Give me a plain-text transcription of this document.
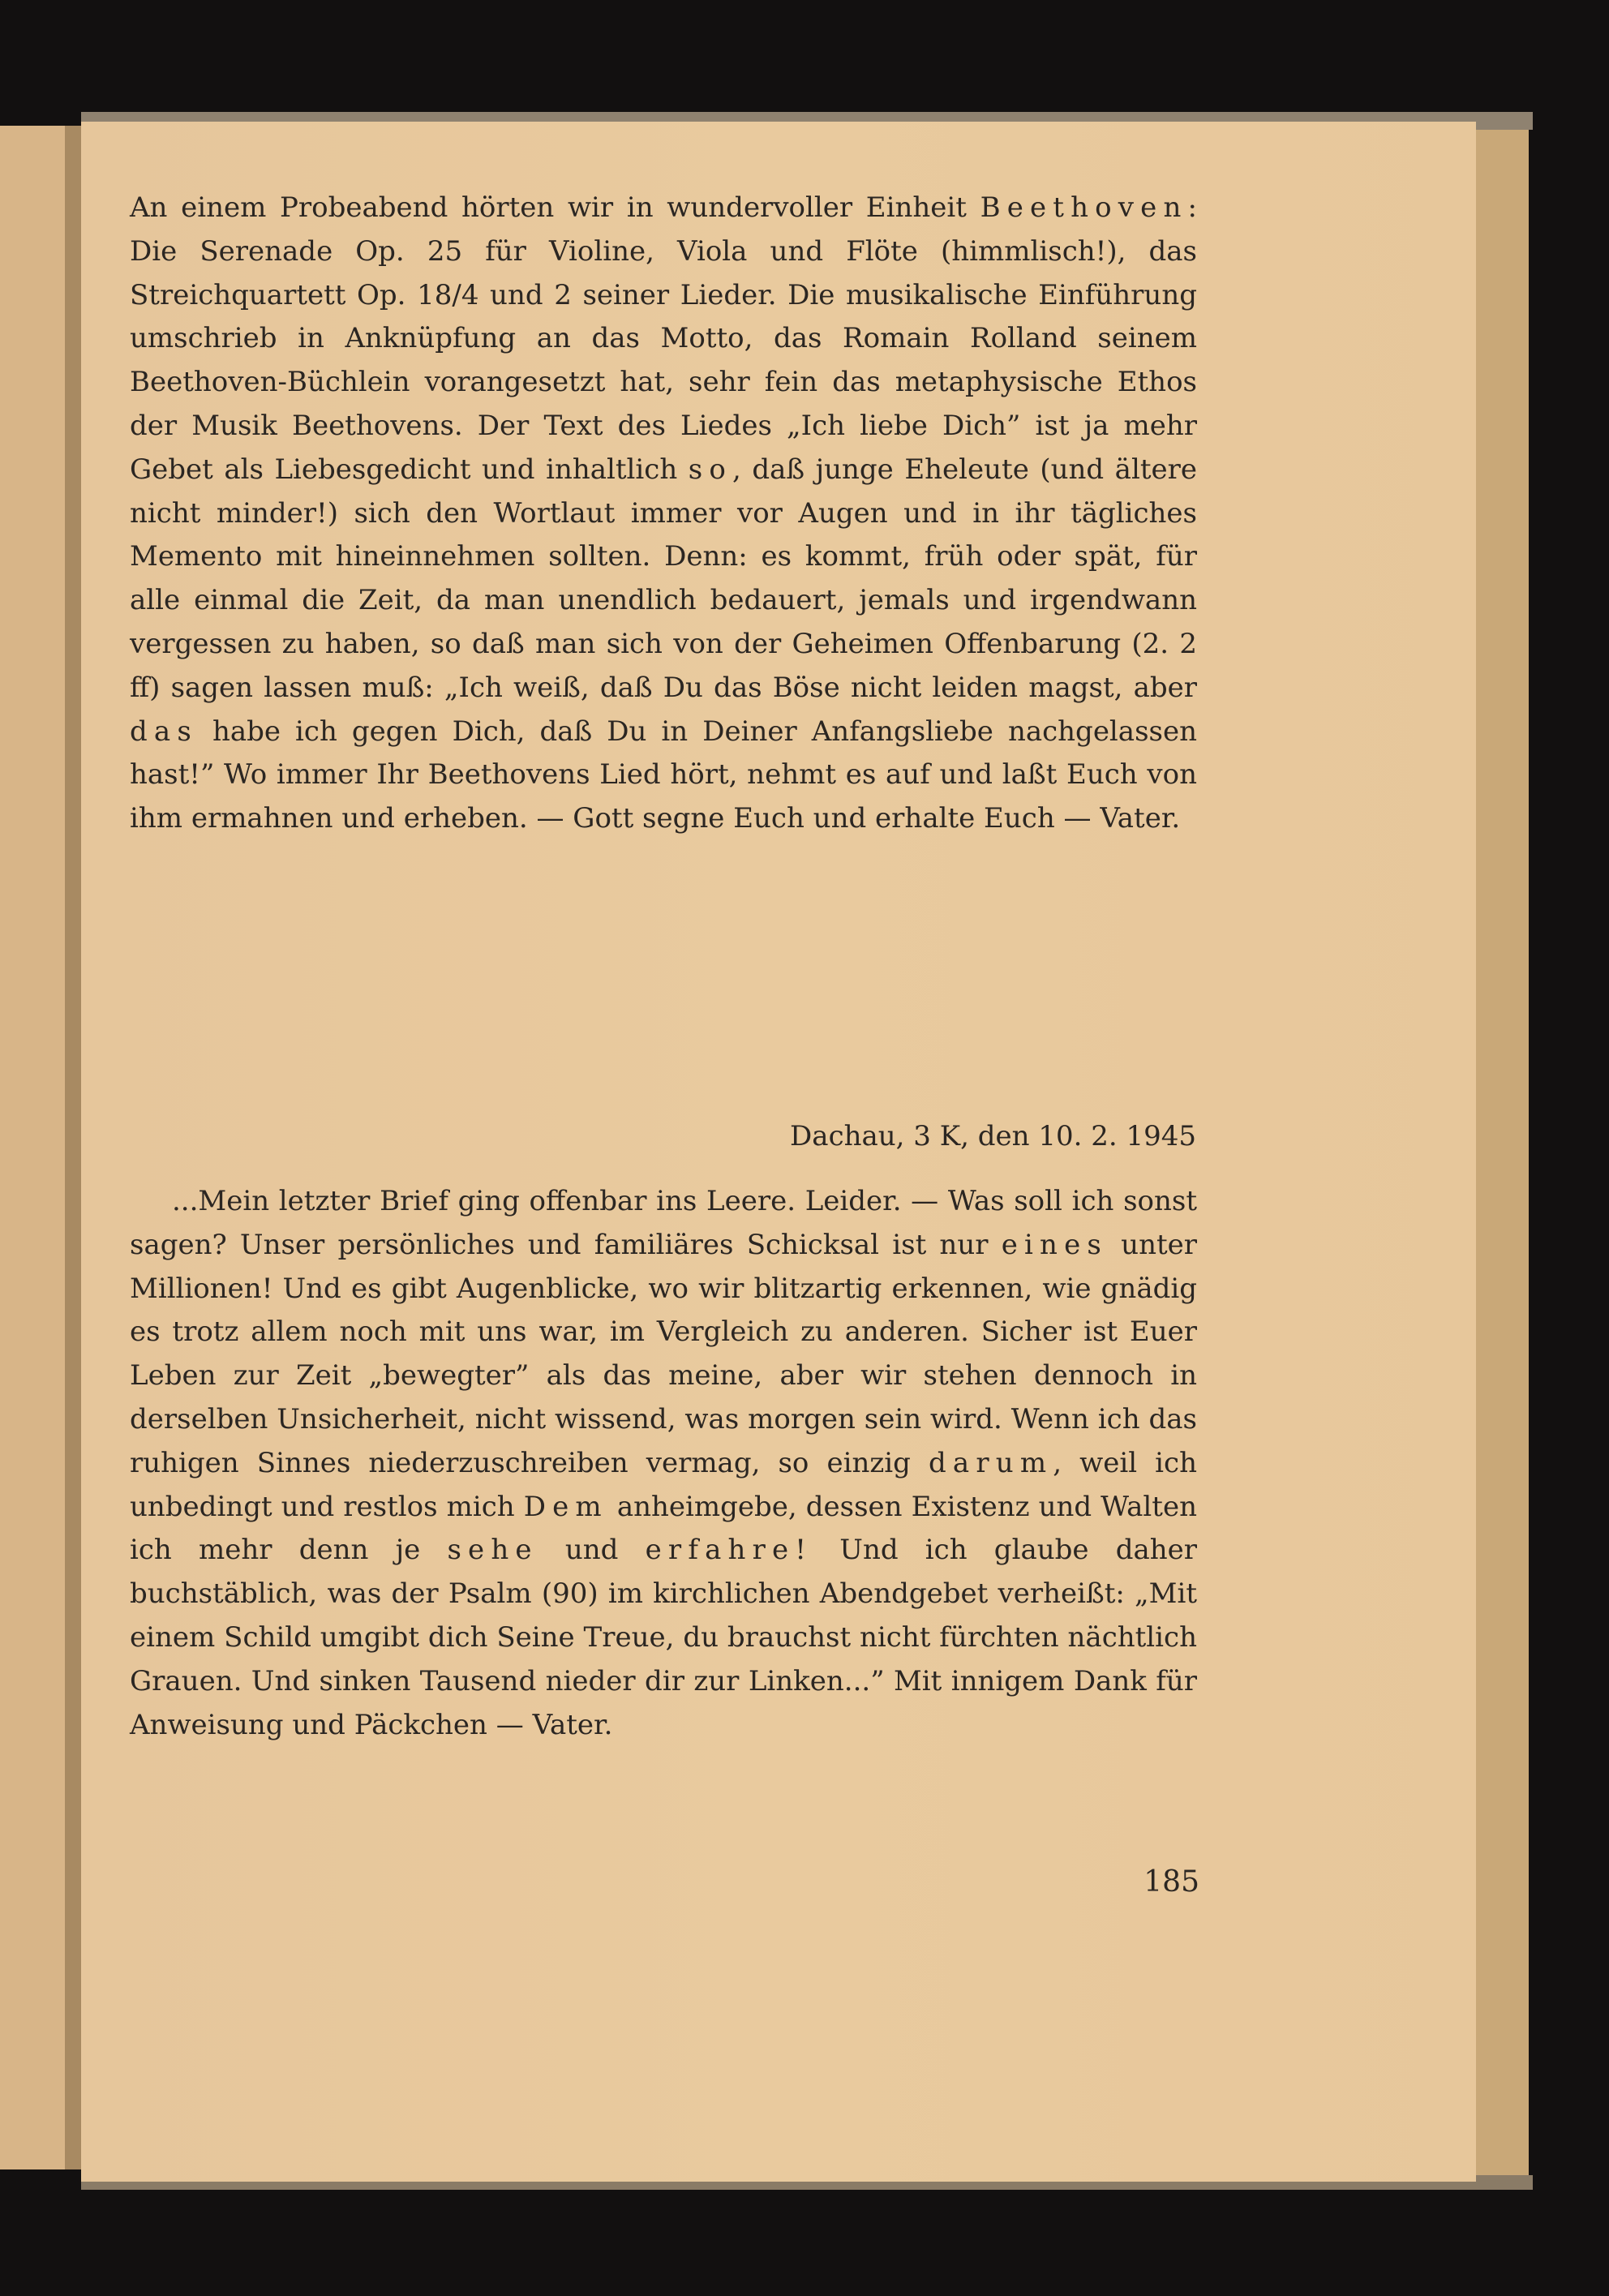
An einem Probeabend hörten wir in wundervoller Einheit Beethoven: Die Serenade Op. 25 für Violine, Viola und Flöte (himmlisch!), das Streichquartett Op. 18/4 und 2 seiner Lieder. Die musikalische Einführung umschrieb in Anknüpfung an das Motto, das Romain Rolland seinem Beethoven-Büchlein vorangesetzt hat, sehr fein das metaphysische Ethos der Musik Beethovens. Der Text des Liedes „Ich liebe Dich” ist ja mehr Gebet als Liebesgedicht und inhaltlich so, daß junge Eheleute (und ältere nicht minder!) sich den Wortlaut immer vor Augen und in ihr tägliches Memento mit hineinnehmen sollten. Denn: es kommt, früh oder spät, für alle einmal die Zeit, da man unendlich bedauert, jemals und irgendwann vergessen zu haben, so daß man sich von der Geheimen Offenbarung (2. 2 ff) sagen lassen muß: „Ich weiß, daß Du das Böse nicht leiden magst, aber das habe ich gegen Dich, daß Du in Deiner Anfangsliebe nachgelassen hast!” Wo immer Ihr Beethovens Lied hört, nehmt es auf und laßt Euch von ihm ermahnen und erheben. — Gott segne Euch und erhalte Euch — Vater.

Dachau, 3 K, den 10. 2. 1945

...Mein letzter Brief ging offenbar ins Leere. Leider. — Was soll ich sonst sagen? Unser persönliches und familiäres Schicksal ist nur eines unter Millionen! Und es gibt Augenblicke, wo wir blitzartig erkennen, wie gnädig es trotz allem noch mit uns war, im Vergleich zu anderen. Sicher ist Euer Leben zur Zeit „bewegter” als das meine, aber wir stehen dennoch in derselben Unsicherheit, nicht wissend, was morgen sein wird. Wenn ich das ruhigen Sinnes niederzuschreiben vermag, so einzig darum, weil ich unbedingt und restlos mich Dem anheimgebe, dessen Existenz und Walten ich mehr denn je sehe und erfahre! Und ich glaube daher buchstäblich, was der Psalm (90) im kirchlichen Abendgebet verheißt: „Mit einem Schild umgibt dich Seine Treue, du brauchst nicht fürchten nächtlich Grauen. Und sinken Tausend nieder dir zur Linken...” Mit innigem Dank für Anweisung und Päckchen — Vater.

185
